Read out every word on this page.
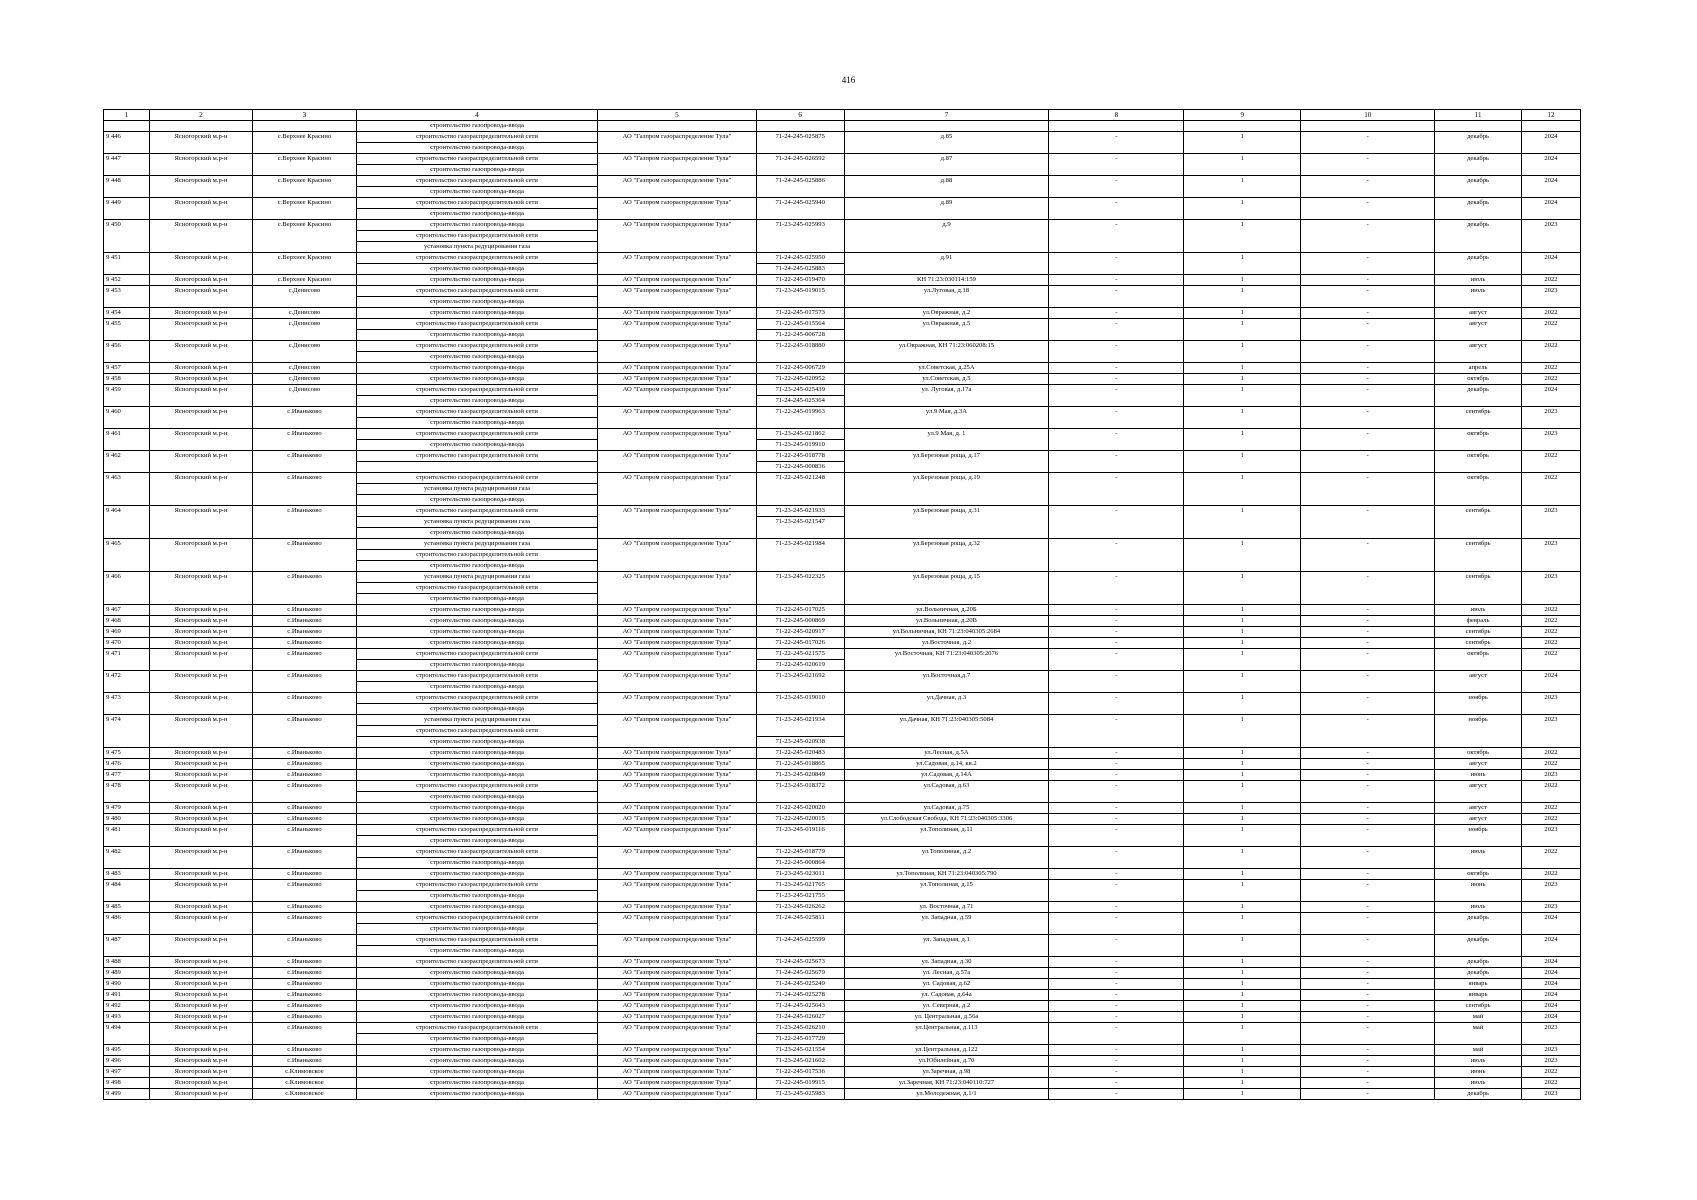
416
1	2	3	4	5	6	7	8	9	10	11	12
			строительство газопровода-ввода								
9 446	Ясногорский м.р-н	с.Верхнее Красино	строительство газораспределительной сети	АО "Газпром газораспределение Тула"	71-24-245-025875	д.85	-	1	-	декабрь	2024
			строительство газопровода-ввода								
9 447	Ясногорский м.р-н	с.Верхнее Красино	строительство газораспределительной сети	АО "Газпром газораспределение Тула"	71-24-245-026592	д.87	-	1	-	декабрь	2024
			строительство газопровода-ввода								
9 448	Ясногорский м.р-н	с.Верхнее Красино	строительство газораспределительной сети	АО "Газпром газораспределение Тула"	71-24-245-025886	д.88	-	1	-	декабрь	2024
			строительство газопровода-ввода								
9 449	Ясногорский м.р-н	с.Верхнее Красино	строительство газораспределительной сети	АО "Газпром газораспределение Тула"	71-24-245-025940	д.89	-	1	-	декабрь	2024
			строительство газопровода-ввода								
9 450	Ясногорский м.р-н	с.Верхнее Красино	строительство газопровода-ввода	АО "Газпром газораспределение Тула"	71-23-245-025993	д.9	-	1	-	декабрь	2023
			строительство газораспределительной сети								
			установка пункта редуцирования газа								
9 451	Ясногорский м.р-н	с.Верхнее Красино	строительство газораспределительной сети	АО "Газпром газораспределение Тула"	71-24-245-025950	д.91	-	1	-	декабрь	2024
			строительство газопровода-ввода		71-24-245-025883						
9 452	Ясногорский м.р-н	с.Верхнее Красино	строительство газопровода-ввода	АО "Газпром газораспределение Тула"	71-22-245-019470	КН 71:23:030114:159	-	1	-	июль	2022
9 453	Ясногорский м.р-н	с.Денисово	строительство газораспределительной сети	АО "Газпром газораспределение Тула"	71-23-245-019015	ул.Луговая, д.18	-	1	-	июль	2023
			строительство газопровода-ввода								
9 454	Ясногорский м.р-н	с.Денисово	строительство газопровода-ввода	АО "Газпром газораспределение Тула"	71-22-245-017573	ул.Овражная, д.2	-	1	-	август	2022
9 455	Ясногорский м.р-н	с.Денисово	строительство газораспределительной сети	АО "Газпром газораспределение Тула"	71-22-245-015564	ул.Овражная, д.5	-	1	-	август	2022
			строительство газопровода-ввода		71-22-245-006728						
9 456	Ясногорский м.р-н	с.Денисово	строительство газораспределительной сети	АО "Газпром газораспределение Тула"	71-22-245-018880	ул.Овражная, КН 71:23:060208:15	-	1	-	август	2022
			строительство газопровода-ввода								
9 457	Ясногорский м.р-н	с.Денисово	строительство газопровода-ввода	АО "Газпром газораспределение Тула"	71-22-245-006729	ул.Советская, д.25А	-	1	-	апрель	2022
9 458	Ясногорский м.р-н	с.Денисово	строительство газопровода-ввода	АО "Газпром газораспределение Тула"	71-22-245-020952	ул.Советская, д.5	-	1	-	октябрь	2022
9 459	Ясногорский м.р-н	с.Денисово	строительство газораспределительной сети	АО "Газпром газораспределение Тула"	71-23-245-025439	ул. Луговая, д.17а	-	1	-	декабрь	2024
			строительство газопровода-ввода		71-24-245-025364						
9 460	Ясногорский м.р-н	с.Иваньково	строительство газораспределительной сети	АО "Газпром газораспределение Тула"	71-22-245-019963	ул.9 Мая, д.3А	-	1	-	сентябрь	2023
			строительство газопровода-ввода								
9 461	Ясногорский м.р-н	с.Иваньково	строительство газораспределительной сети	АО "Газпром газораспределение Тула"	71-23-245-021862	ул.9 Мая, д. 1	-	1	-	октябрь	2023
			строительство газопровода-ввода		71-23-245-019910						
9 462	Ясногорский м.р-н	с.Иваньково	строительство газораспределительной сети	АО "Газпром газораспределение Тула"	71-22-245-018778	ул.Березовая роща, д.17	-	1	-	октябрь	2022
					71-22-245-000836						
9 463	Ясногорский м.р-н	с.Иваньково	строительство газораспределительной сети	АО "Газпром газораспределение Тула"	71-22-245-021248	ул.Березовая роща, д.19	-	1	-	октябрь	2022
			установка пункта редуцирования газа								
			строительство газопровода-ввода								
9 464	Ясногорский м.р-н	с.Иваньково	строительство газораспределительной сети	АО "Газпром газораспределение Тула"	71-23-245-021933	ул.Березовая роща, д.31	-	1	-	сентябрь	2023
			установка пункта редуцирования газа		71-23-245-021547						
			строительство газопровода-ввода								
9 465	Ясногорский м.р-н	с.Иваньково	установка пункта редуцирования газа	АО "Газпром газораспределение Тула"	71-23-245-021984	ул.Березовая роща, д.32	-	1	-	сентябрь	2023
			строительство газораспределительной сети								
			строительство газопровода-ввода								
9 466	Ясногорский м.р-н	с.Иваньково	установка пункта редуцирования газа	АО "Газпром газораспределение Тула"	71-23-245-022325	ул.Березовая роща, д.15	-	1	-	сентябрь	2023
			строительство газораспределительной сети								
			строительство газопровода-ввода								
9 467	Ясногорский м.р-н	с.Иваньково	строительство газопровода-ввода	АО "Газпром газораспределение Тула"	71-22-245-017025	ул.Вольничная, д.20Б	-	1	-	июль	2022
9 468	Ясногорский м.р-н	с.Иваньково	строительство газопровода-ввода	АО "Газпром газораспределение Тула"	71-22-245-000869	ул.Вольничная, д.20В	-	1	-	февраль	2022
9 469	Ясногорский м.р-н	с.Иваньково	строительство газопровода-ввода	АО "Газпром газораспределение Тула"	71-22-245-020917	ул.Вольничная, КН 71:23:040305:2684	-	1	-	сентябрь	2022
9 470	Ясногорский м.р-н	с.Иваньково	строительство газопровода-ввода	АО "Газпром газораспределение Тула"	71-22-245-017026	ул.Восточная, д.2	-	1	-	сентябрь	2022
9 471	Ясногорский м.р-н	с.Иваньково	строительство газораспределительной сети	АО "Газпром газораспределение Тула"	71-22-245-021575	ул.Восточная, КН 71:23:040305:2076	-	1	-	октябрь	2022
			строительство газопровода-ввода		71-22-245-020619						
9 472	Ясногорский м.р-н	с.Иваньково	строительство газораспределительной сети	АО "Газпром газораспределение Тула"	71-23-245-021692	ул.Восточная,д.7	-	1	-	август	2024
			строительство газопровода-ввода								
9 473	Ясногорский м.р-н	с.Иваньково	строительство газораспределительной сети	АО "Газпром газораспределение Тула"	71-23-245-019010	ул.Дачная, д.3	-	1	-	ноябрь	2023
			строительство газопровода-ввода								
9 474	Ясногорский м.р-н	с.Иваньково	установка пункта редуцирования газа	АО "Газпром газораспределение Тула"	71-23-245-021934	ул.Дачная, КН 71:23:040305:5084	-	1	-	ноябрь	2023
			строительство газораспределительной сети								
			строительство газопровода-ввода		71-23-245-020938						
9 475	Ясногорский м.р-н	с.Иваньково	строительство газопровода-ввода	АО "Газпром газораспределение Тула"	71-22-245-020483	ул.Лесная, д.5А	-	1	-	октябрь	2022
9 476	Ясногорский м.р-н	с.Иваньково	строительство газопровода-ввода	АО "Газпром газораспределение Тула"	71-22-245-018865	ул.Садовая, д.14, кв.2	-	1	-	август	2022
9 477	Ясногорский м.р-н	с.Иваньково	строительство газопровода-ввода	АО "Газпром газораспределение Тула"	71-23-245-020849	ул.Садовая, д.14А	-	1	-	июнь	2023
9 478	Ясногорский м.р-н	с.Иваньково	строительство газораспределительной сети	АО "Газпром газораспределение Тула"	71-23-245-018372	ул.Садовая, д.63	-	1	-	август	2022
			строительство газопровода-ввода								
9 479	Ясногорский м.р-н	с.Иваньково	строительство газопровода-ввода	АО "Газпром газораспределение Тула"	71-22-245-020020	ул.Садовая, д.75	-	1	-	август	2022
9 480	Ясногорский м.р-н	с.Иваньково	строительство газопровода-ввода	АО "Газпром газораспределение Тула"	71-22-245-020015	ул.Слободская Свобода, КН 71:23:040305:3306	-	1	-	август	2022
9 481	Ясногорский м.р-н	с.Иваньково	строительство газораспределительной сети	АО "Газпром газораспределение Тула"	71-23-245-019116	ул.Тополиная, д.11	-	1	-	ноябрь	2023
			строительство газопровода-ввода								
9 482	Ясногорский м.р-н	с.Иваньково	строительство газораспределительной сети	АО "Газпром газораспределение Тула"	71-22-245-018779	ул.Тополиная, д.2	-	1	-	июль	2022
			строительство газопровода-ввода		71-22-245-000864						
9 483	Ясногорский м.р-н	с.Иваньково	строительство газопровода-ввода	АО "Газпром газораспределение Тула"	71-23-245-023011	ул.Тополиная, КН 71:23:040305:790	-	1	-	октябрь	2022
9 484	Ясногорский м.р-н	с.Иваньково	строительство газораспределительной сети	АО "Газпром газораспределение Тула"	71-23-245-021765	ул.Тополиная, д.15	-	1	-	июнь	2023
			строительство газопровода-ввода		71-23-245-021755						
9 485	Ясногорский м.р-н	с.Иваньково	строительство газопровода-ввода	АО "Газпром газораспределение Тула"	71-23-245-026262	ул. Восточная, д.71	-	1	-	июль	2023
9 486	Ясногорский м.р-н	с.Иваньково	строительство газораспределительной сети	АО "Газпром газораспределение Тула"	71-24-245-025811	ул. Западная, д.59	-	1	-	декабрь	2024
			строительство газопровода-ввода								
9 487	Ясногорский м.р-н	с.Иваньково	строительство газораспределительной сети	АО "Газпром газораспределение Тула"	71-24-245-025599	ул. Западная, д.1	-	1	-	декабрь	2024
			строительство газопровода-ввода								
9 488	Ясногорский м.р-н	с.Иваньково	строительство газораспределительной сети	АО "Газпром газораспределение Тула"	71-24-245-025673	ул. Западная, д.30	-	1	-	декабрь	2024
9 489	Ясногорский м.р-н	с.Иваньково	строительство газопровода-ввода	АО "Газпром газораспределение Тула"	71-24-245-025679	ул. Лесная, д.57а	-	1	-	декабрь	2024
9 490	Ясногорский м.р-н	с.Иваньково	строительство газопровода-ввода	АО "Газпром газораспределение Тула"	71-24-245-025249	ул. Садовая, д.62	-	1	-	январь	2024
9 491	Ясногорский м.р-н	с.Иваньково	строительство газопровода-ввода	АО "Газпром газораспределение Тула"	71-24-245-025278	ул. Садовая, д.64а	-	1	-	январь	2024
9 492	Ясногорский м.р-н	с.Иваньково	строительство газопровода-ввода	АО "Газпром газораспределение Тула"	71-24-245-025643	ул. Северная, д.2	-	1	-	сентябрь	2024
9 493	Ясногорский м.р-н	с.Иваньково	строительство газопровода-ввода	АО "Газпром газораспределение Тула"	71-24-245-026027	ул. Центральная, д.56а	-	1	-	май	2024
9 494	Ясногорский м.р-н	с.Иваньково	строительство газораспределительной сети	АО "Газпром газораспределение Тула"	71-23-245-026210	ул.Центральная, д.113	-	1	-	май	2023
			строительство газопровода-ввода		71-22-245-017729						
9 495	Ясногорский м.р-н	с.Иваньково	строительство газопровода-ввода	АО "Газпром газораспределение Тула"	71-23-245-021554	ул.Центральная, д.122	-	1	-	май	2023
9 496	Ясногорский м.р-н	с.Иваньково	строительство газопровода-ввода	АО "Газпром газораспределение Тула"	71-23-245-021602	ул.Юбилейная, д.70	-	1	-	июль	2023
9 497	Ясногорский м.р-н	с.Климовское	строительство газопровода-ввода	АО "Газпром газораспределение Тула"	71-22-245-017536	ул.Заречная, д.98	-	1	-	июнь	2022
9 498	Ясногорский м.р-н	с.Климовское	строительство газопровода-ввода	АО "Газпром газораспределение Тула"	71-22-245-019915	ул.Заречная, КН 71:23:040110:727	-	1	-	июль	2022
9 499	Ясногорский м.р-н	с.Климовское	строительство газопровода-ввода	АО "Газпром газораспределение Тула"	71-23-245-025983	ул.Молодежная, д.1/1	-	1	-	декабрь	2023
